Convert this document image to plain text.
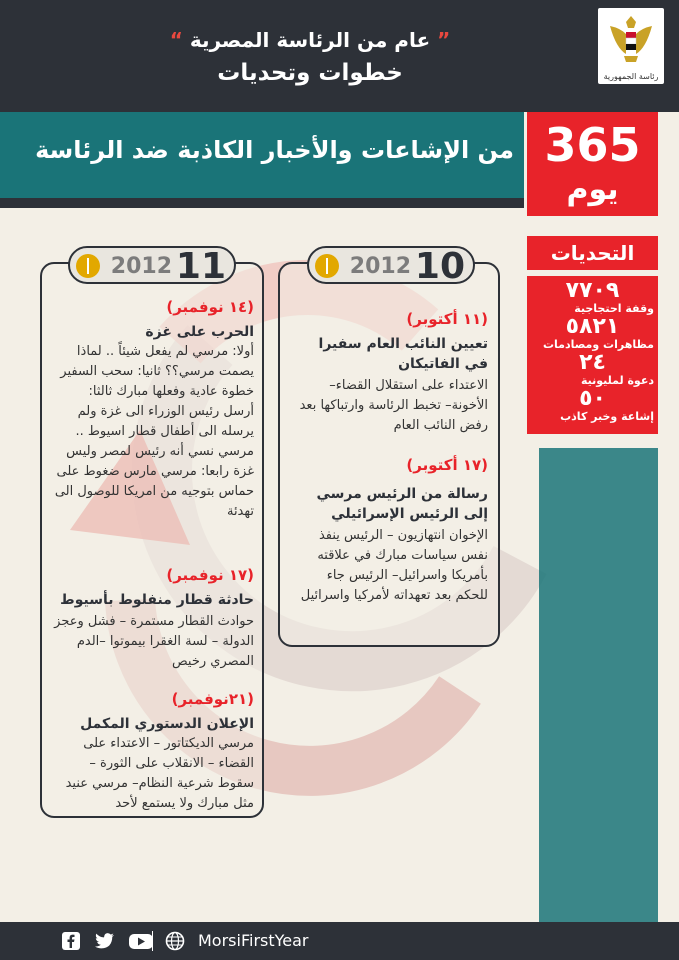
” عام من الرئاسة المصرية “
خطوات وتحديات	رئاسة الجمهورية
من الإشاعات والأخبار الكاذبة ضد الرئاسة 365
يوم
التحديات
٧٧٠٩
وقفة احتجاجية
٥٨٢١
مظاهرات ومصادمات
٢٤
دعوة لمليونية
٥٠
إشاعة وخبر كاذب
2012 10
(١١ أكتوبر)
تعيين النائب العام سفيرا في الفاتيكان
الاعتداء على استقلال القضاء– الأخونة– تخبط الرئاسة وارتباكها بعد رفض النائب العام
(١٧ أكتوبر)
رسالة من الرئيس مرسي إلى الرئيس الإسرائيلي
الإخوان انتهازيون – الرئيس ينفذ نفس سياسات مبارك في علاقته بأمريكا واسرائيل– الرئيس جاء للحكم بعد تعهداته لأمركيا واسرائيل
2012 11
(١٤ نوفمبر)
الحرب على غزة
أولا: مرسي لم يفعل شيئاً .. لماذا يصمت مرسي؟؟ ثانيا: سحب السفير خطوة عادية وفعلها مبارك ثالثا: أرسل رئيس الوزراء الى غزة ولم يرسله الى أطفال قطار اسيوط .. مرسي نسي أنه رئيس لمصر وليس غزة رابعا: مرسي مارس ضغوط على حماس بتوجيه من امريكا للوصول الى تهدئة
(١٧ نوفمبر)
حادثة قطار منفلوط بأسيوط
حوادث القطار مستمرة – فشل وعجز الدولة – لسة الغقرا بيموتوا –الدم المصري رخيص
(٢١نوفمبر)
الإعلان الدستوري المكمل
مرسي الديكتاتور – الاعتداء على القضاء – الانقلاب على الثورة – سقوط شرعية النظام– مرسي عنيد مثل مبارك ولا يستمع لأحد
MorsiFirstYear
